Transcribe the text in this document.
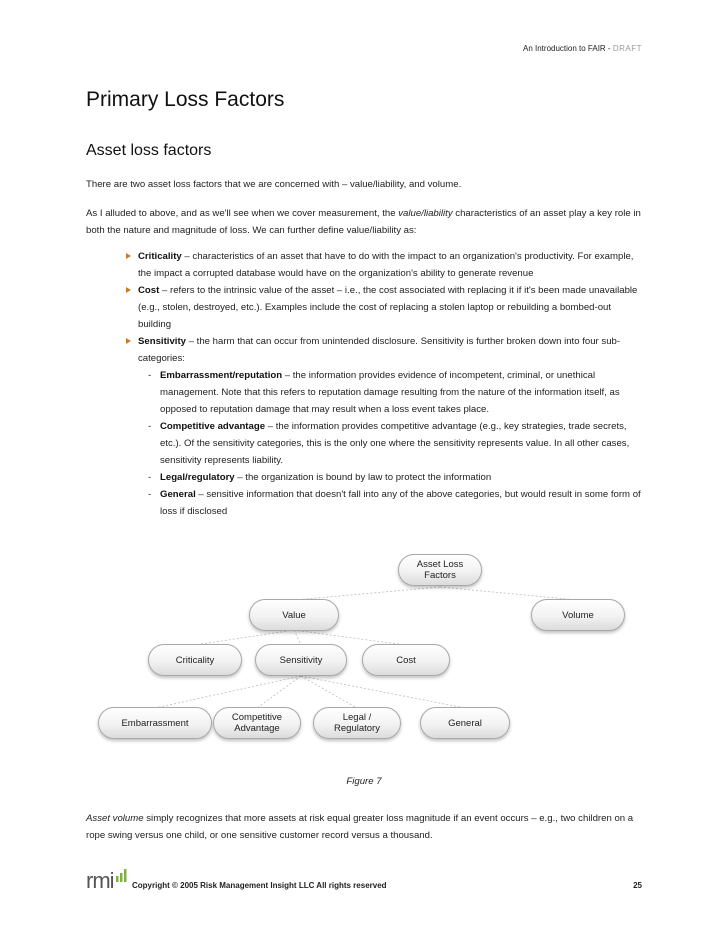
An Introduction to FAIR - DRAFT
Primary Loss Factors
Asset loss factors

There are two asset loss factors that we are concerned with – value/liability, and volume.

As I alluded to above, and as we'll see when we cover measurement, the value/liability characteristics of an asset play a key role in both the nature and magnitude of loss. We can further define value/liability as:

Criticality – characteristics of an asset that have to do with the impact to an organization's productivity. For example, the impact a corrupted database would have on the organization's ability to generate revenue
Cost – refers to the intrinsic value of the asset – i.e., the cost associated with replacing it if it's been made unavailable (e.g., stolen, destroyed, etc.). Examples include the cost of replacing a stolen laptop or rebuilding a bombed-out building
Sensitivity – the harm that can occur from unintended disclosure. Sensitivity is further broken down into four sub-categories:
- Embarrassment/reputation – the information provides evidence of incompetent, criminal, or unethical management. Note that this refers to reputation damage resulting from the nature of the information itself, as opposed to reputation damage that may result when a loss event takes place.
- Competitive advantage – the information provides competitive advantage (e.g., key strategies, trade secrets, etc.). Of the sensitivity categories, this is the only one where the sensitivity represents value. In all other cases, sensitivity represents liability.
- Legal/regulatory – the organization is bound by law to protect the information
- General – sensitive information that doesn't fall into any of the above categories, but would result in some form of loss if disclosed
Asset Loss Factors
Value	Volume
Criticality	Sensitivity	Cost
Embarrassment	Competitive Advantage
Legal / Regulatory	General
Figure 7

Asset volume simply recognizes that more assets at risk equal greater loss magnitude if an event occurs – e.g., two children on a rope swing versus one child, or one sensitive customer record versus a thousand.

rmi Copyright © 2005 Risk Management Insight LLC All rights reserved	25
